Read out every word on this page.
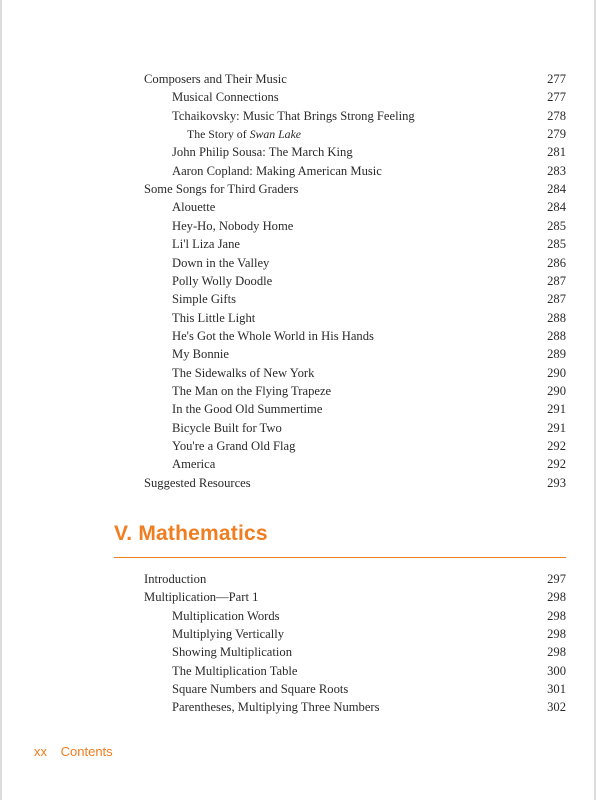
Composers and Their Music	277
Musical Connections	277
Tchaikovsky: Music That Brings Strong Feeling	278
The Story of Swan Lake	279
John Philip Sousa: The March King	281
Aaron Copland: Making American Music	283
Some Songs for Third Graders	284
Alouette	284
Hey-Ho, Nobody Home	285
Li'l Liza Jane	285
Down in the Valley	286
Polly Wolly Doodle	287
Simple Gifts	287
This Little Light	288
He's Got the Whole World in His Hands	288
My Bonnie	289
The Sidewalks of New York	290
The Man on the Flying Trapeze	290
In the Good Old Summertime	291
Bicycle Built for Two	291
You're a Grand Old Flag	292
America	292
Suggested Resources	293
V. Mathematics
Introduction	297
Multiplication—Part 1	298
Multiplication Words	298
Multiplying Vertically	298
Showing Multiplication	298
The Multiplication Table	300
Square Numbers and Square Roots	301
Parentheses, Multiplying Three Numbers	302
xx Contents
